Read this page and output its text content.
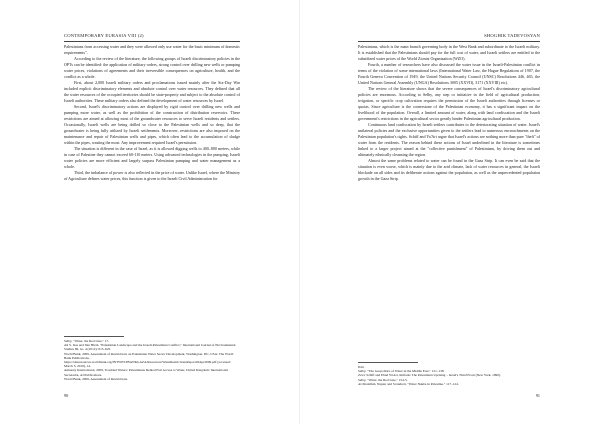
CONTEMPORARY EURASIA VIII (2)

Palestinians from accessing water and they were allowed only use water for the basic minimum of domestic requirements".

According to the review of the literature, the following groups of Israeli discriminatory policies in the OPTs can be identified: the application of military orders, strong control over drilling new wells or pumping water prices, violations of agreements and their irreversible consequences on agriculture, health, and the conflict as a whole.

First, about 2,000 Israeli military orders and proclamations issued mainly after the Six-Day War included explicit discriminatory elements and absolute control over water resources. They defined that all the water resources of the occupied territories should be state-property and subject to the absolute control of Israeli authorities. These military orders also defined the development of water resources by Israel.

Second, Israel's discriminatory actions are displayed by rigid control over drilling new wells and pumping more water, as well as the prohibition of the construction of distribution reservoirs. These restrictions are aimed at allowing most of the groundwater resources to serve Israeli residents and settlers. Occasionally, Israeli wells are being drilled so close to the Palestinian wells and so deep, that the groundwater is being fully utilized by Israeli settlements. Moreover, restrictions are also imposed on the maintenance and repair of Palestinian wells and pipes, which often lead to the accumulation of sludge within the pipes, wasting the most. Any improvement required Israel's permission.

The situation is different in the case of Israel, as it is allowed digging wells to 400–800 meters, while in case of Palestine they cannot exceed 60-110 meters. Using advanced technologies in the pumping, Israeli water policies are more efficient and largely surpass Palestinian pumping and water management as a whole.

Third, the imbalance of power is also reflected in the price of water. Unlike Israel, where the Ministry of Agriculture defines water prices, this function is given to the Israeli Civil Administration for

Selby, "Water, the Red Line," 17.
Ali S. Issa and Ilan Hirsh, "Palestinian Landscape and the Israeli-Palestinian Conflict," International Journal of Environmental Studies 69, no. 4 (2012): 615–625.
World Bank, 2009, Assessment of Restrictions on Palestinian Water Sector Development, Washington, DC, USA: The World Bank Publications, https://siteresources.worldbank.org/INTWESTBANKGAZA/Resources/WaterRestrictionsReport18Apr2009.pdf (accessed March 5, 2019), 14.
Amnesty International, 2009, Troubled Waters: Palestinians Denied Fair Access to Water, United Kingdom: International Secretariat, AI Publications.
World Bank, 2009, Assessment of Restrictions.
90
SHOGHIK TADEVOSYAN

Palestinians, which is the main branch governing body in the West Bank and subordinate to the Israeli military. It is established that the Palestinians should pay for the full cost of water, and Israeli settlers are entitled to the subsidized water prices of the World Zionist Organization (WZO).

Fourth, a number of researchers have also discussed the water issue in the Israeli-Palestinian conflict in terms of the violation of some international laws (International Water Law, the Hague Regulations of 1907, the Fourth Geneva Convention of 1949, the United Nations Security Council (UNSC) Resolutions 446, 465, the United Nations General Assembly (UNGA) Resolutions 3005 (XXVII), 3171 (XXVIII) etc).

The review of the literature shows that the severe consequences of Israel's discriminatory agricultural policies are enormous. According to Selby, any step or initiative in the field of agricultural production, irrigation, or specific crop cultivation requires the permission of the Israeli authorities through licenses or quotas. Since agriculture is the cornerstone of the Palestinian economy, it has a significant impact on the livelihood of the population. Overall, a limited amount of water, along with land confiscation and the Israeli government's restrictions in the agricultural sector greatly hinder Palestinian agricultural production.

Continuous land confiscation by Israeli settlers contributes to the deteriorating situation of water. Israel's unilateral policies and the exclusive opportunities given to the settlers lead to numerous encroachments on the Palestinian population's rights. Schiff and Ya'Ari argue that Israel's actions are nothing more than pure "theft" of water from the residents. The reason behind these actions of Israel underlined in the literature is sometimes linked to a larger project aimed at the "collective punishment" of Palestinians, by driving them out and ultimately ethnically cleansing the region.

Almost the same problems related to water can be found in the Gaza Strip. It can even be said that the situation is even worse, which is mainly due to the arid climate, lack of water resources in general, the Israeli blockade on all sides and its deliberate actions against the population, as well as the unprecedented population growth in the Gaza Strip.

Ibid.
Selby, "The Geopolitics of Water in the Middle East," 121–138.
Ze'ev Schiff and Ehud Ya'Ari, Intifada: The Palestinian Uprising – Israel's Third Front (New York, 1990).
Selby, "Water, the Red Line," 154-5.
Al-Shalalfeh, Napier and Scandrett, "Water Nakba in Palestine," 117–124.
91
